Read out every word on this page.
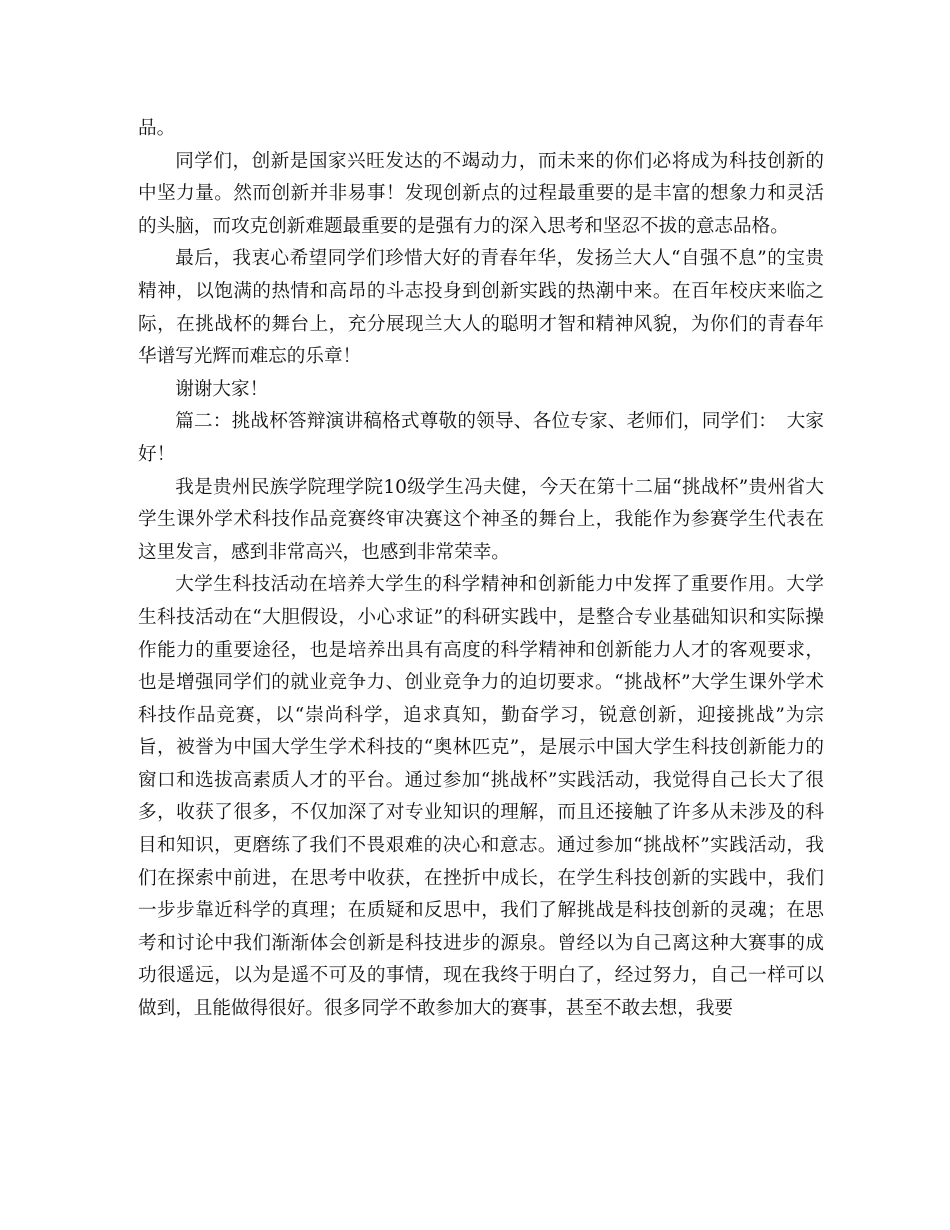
品。

同学们，创新是国家兴旺发达的不竭动力，而未来的你们必将成为科技创新的中坚力量。然而创新并非易事！发现创新点的过程最重要的是丰富的想象力和灵活的头脑，而攻克创新难题最重要的是强有力的深入思考和坚忍不拔的意志品格。

最后，我衷心希望同学们珍惜大好的青春年华，发扬兰大人“自强不息”的宝贵精神，以饱满的热情和高昂的斗志投身到创新实践的热潮中来。在百年校庆来临之际，在挑战杯的舞台上，充分展现兰大人的聪明才智和精神风貌，为你们的青春年华谱写光辉而难忘的乐章！

谢谢大家！

篇二：挑战杯答辩演讲稿格式尊敬的领导、各位专家、老师们，同学们：　大家好！

我是贵州民族学院理学院10级学生冯夫健，今天在第十二届“挑战杯”贵州省大学生课外学术科技作品竞赛终审决赛这个神圣的舞台上，我能作为参赛学生代表在这里发言，感到非常高兴，也感到非常荣幸。

大学生科技活动在培养大学生的科学精神和创新能力中发挥了重要作用。大学生科技活动在“大胆假设，小心求证”的科研实践中，是整合专业基础知识和实际操作能力的重要途径，也是培养出具有高度的科学精神和创新能力人才的客观要求，也是增强同学们的就业竞争力、创业竞争力的迫切要求。“挑战杯”大学生课外学术科技作品竞赛，以“崇尚科学，追求真知，勤奋学习，锐意创新，迎接挑战”为宗旨，被誉为中国大学生学术科技的“奥林匹克”，是展示中国大学生科技创新能力的窗口和选拔高素质人才的平台。通过参加“挑战杯”实践活动，我觉得自己长大了很多，收获了很多，不仅加深了对专业知识的理解，而且还接触了许多从未涉及的科目和知识，更磨练了我们不畏艰难的决心和意志。通过参加“挑战杯”实践活动，我们在探索中前进，在思考中收获，在挫折中成长，在学生科技创新的实践中，我们一步步靠近科学的真理；在质疑和反思中，我们了解挑战是科技创新的灵魂；在思考和讨论中我们渐渐体会创新是科技进步的源泉。曾经以为自己离这种大赛事的成功很遥远，以为是遥不可及的事情，现在我终于明白了，经过努力，自己一样可以做到，且能做得很好。很多同学不敢参加大的赛事，甚至不敢去想，我要
